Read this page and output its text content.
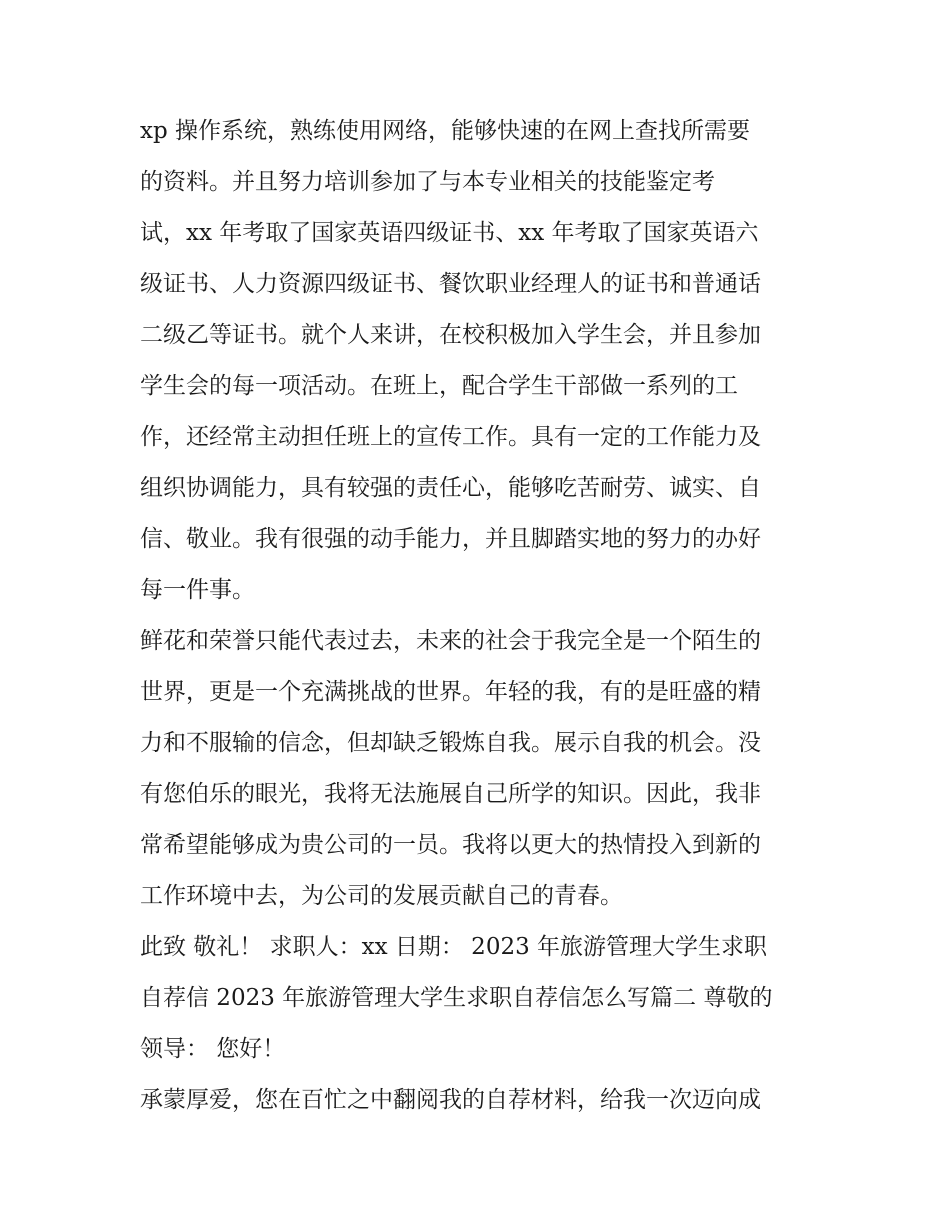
xp 操作系统，熟练使用网络，能够快速的在网上查找所需要
的资料。并且努力培训参加了与本专业相关的技能鉴定考
试，xx 年考取了国家英语四级证书、xx 年考取了国家英语六
级证书、人力资源四级证书、餐饮职业经理人的证书和普通话
二级乙等证书。就个人来讲，在校积极加入学生会，并且参加
学生会的每一项活动。在班上，配合学生干部做一系列的工
作，还经常主动担任班上的宣传工作。具有一定的工作能力及
组织协调能力，具有较强的责任心，能够吃苦耐劳、诚实、自
信、敬业。我有很强的动手能力，并且脚踏实地的努力的办好
每一件事。
鲜花和荣誉只能代表过去，未来的社会于我完全是一个陌生的
世界，更是一个充满挑战的世界。年轻的我，有的是旺盛的精
力和不服输的信念，但却缺乏锻炼自我。展示自我的机会。没
有您伯乐的眼光，我将无法施展自己所学的知识。因此，我非
常希望能够成为贵公司的一员。我将以更大的热情投入到新的
工作环境中去，为公司的发展贡献自己的青春。
此致 敬礼！ 求职人：xx 日期： 2023 年旅游管理大学生求职
自荐信 2023 年旅游管理大学生求职自荐信怎么写篇二 尊敬的
领导： 您好！
承蒙厚爱，您在百忙之中翻阅我的自荐材料，给我一次迈向成
